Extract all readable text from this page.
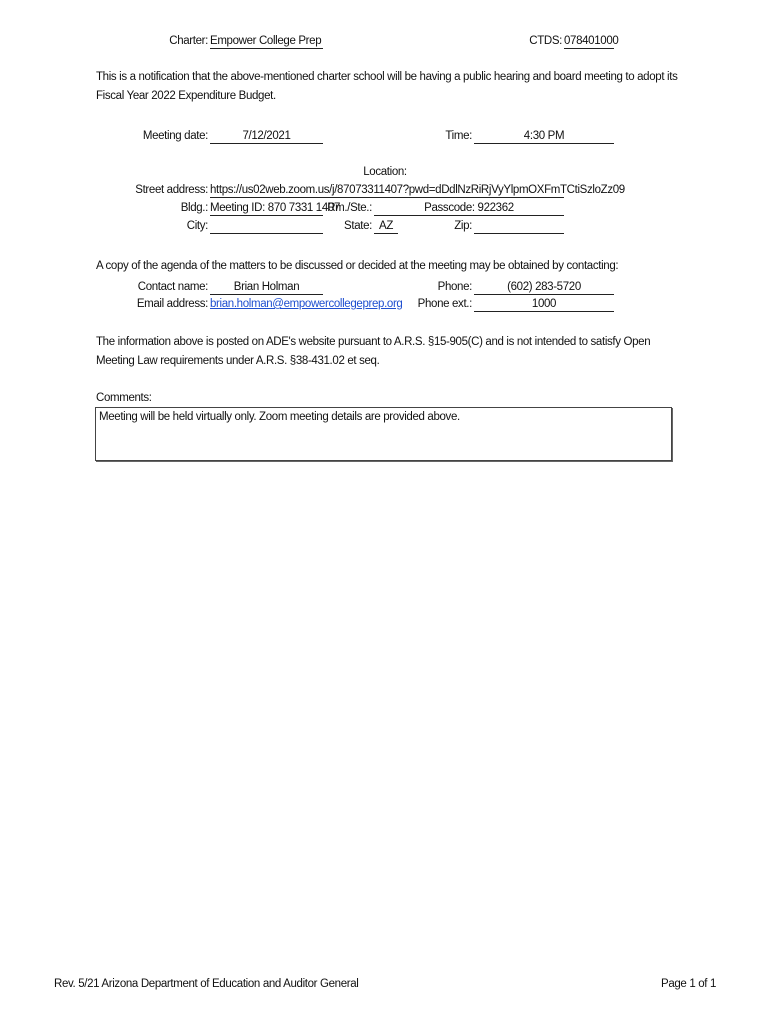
Charter: Empower College Prep	CTDS: 078401000
This is a notification that the above-mentioned charter school will be having a public hearing and board meeting to adopt its Fiscal Year 2022 Expenditure Budget.
Meeting date:	7/12/2021	Time:	4:30 PM
Location:
Street address: https://us02web.zoom.us/j/87073311407?pwd=dDdlNzRiRjVyYlpmOXFmTCtiSzloZz09
Bldg.: Meeting ID: 870 7331 1407
Rm./Ste.:	Passcode: 922362
City:	State: AZ	Zip:
A copy of the agenda of the matters to be discussed or decided at the meeting may be obtained by contacting:
Contact name:	Brian Holman	Phone:	(602) 283-5720
Email address: brian.holman@empowercollegeprep.org	Phone ext.:	1000
The information above is posted on ADE's website pursuant to A.R.S. §15-905(C) and is not intended to satisfy Open Meeting Law requirements under A.R.S. §38-431.02 et seq.
Comments:
Meeting will be held virtually only. Zoom meeting details are provided above.
Rev. 5/21 Arizona Department of Education and Auditor General	Page 1 of 1
